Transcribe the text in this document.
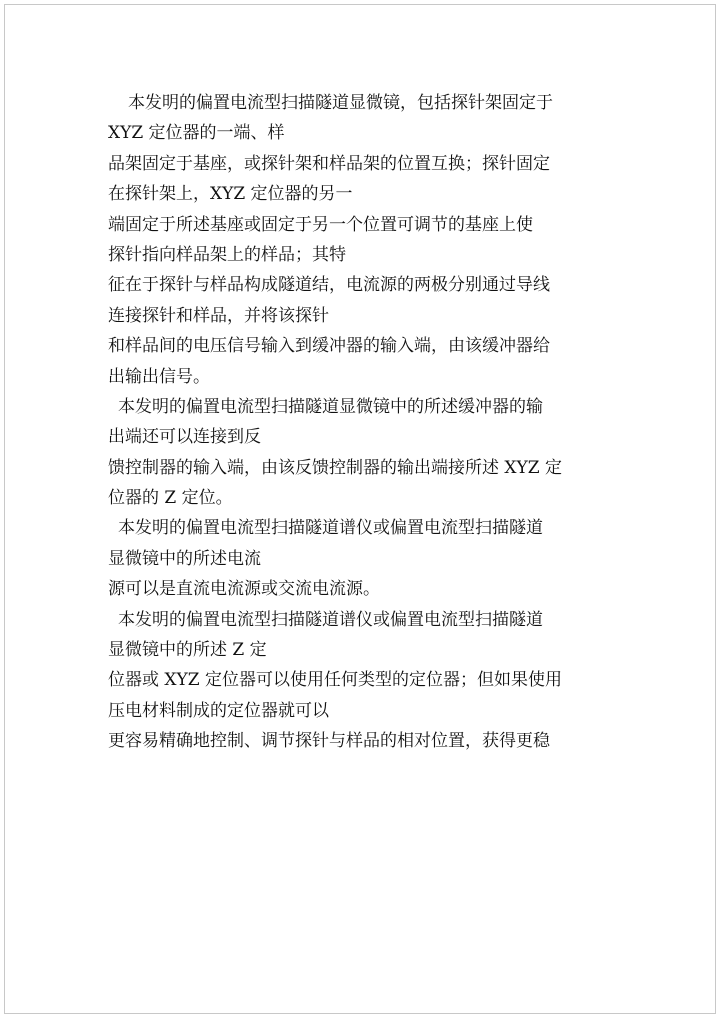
本发明的偏置电流型扫描隧道显微镜，包括探针架固定于
XYZ 定位器的一端、样
品架固定于基座，或探针架和样品架的位置互换；探针固定
在探针架上，XYZ 定位器的另一
端固定于所述基座或固定于另一个位置可调节的基座上使
探针指向样品架上的样品；其特
征在于探针与样品构成隧道结，电流源的两极分别通过导线
连接探针和样品，并将该探针
和样品间的电压信号输入到缓冲器的输入端，由该缓冲器给
出输出信号。
本发明的偏置电流型扫描隧道显微镜中的所述缓冲器的输
出端还可以连接到反
馈控制器的输入端，由该反馈控制器的输出端接所述 XYZ 定
位器的 Z 定位。
本发明的偏置电流型扫描隧道谱仪或偏置电流型扫描隧道
显微镜中的所述电流
源可以是直流电流源或交流电流源。
本发明的偏置电流型扫描隧道谱仪或偏置电流型扫描隧道
显微镜中的所述 Z 定
位器或 XYZ 定位器可以使用任何类型的定位器；但如果使用
压电材料制成的定位器就可以
更容易精确地控制、调节探针与样品的相对位置，获得更稳
